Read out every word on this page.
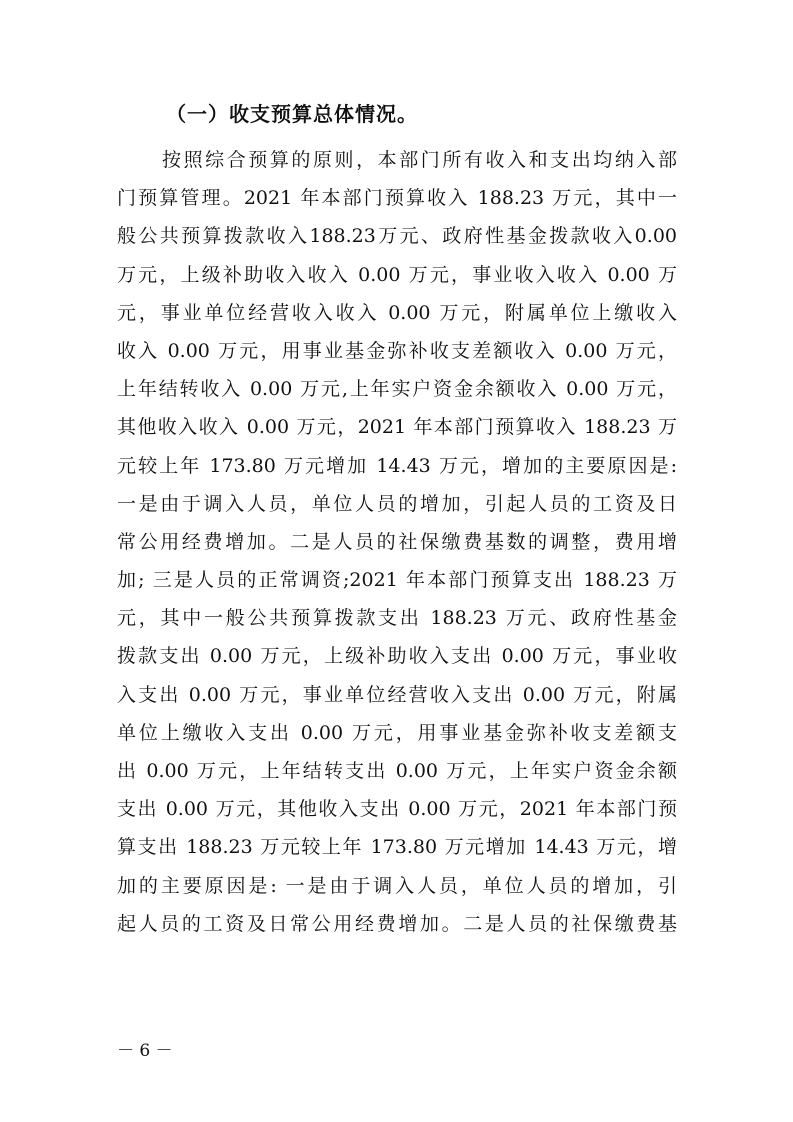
（一）收支预算总体情况。
按照综合预算的原则，本部门所有收入和支出均纳入部
门预算管理。2021 年本部门预算收入 188.23 万元，其中一
般公共预算拨款收入188.23万元、政府性基金拨款收入0.00
万元，上级补助收入收入 0.00 万元，事业收入收入 0.00 万
元，事业单位经营收入收入 0.00 万元，附属单位上缴收入
收入 0.00 万元，用事业基金弥补收支差额收入 0.00 万元，
上年结转收入 0.00 万元,上年实户资金余额收入 0.00 万元，
其他收入收入 0.00 万元，2021 年本部门预算收入 188.23 万
元较上年 173.80 万元增加 14.43 万元，增加的主要原因是:
一是由于调入人员，单位人员的增加，引起人员的工资及日
常公用经费增加。二是人员的社保缴费基数的调整，费用增
加; 三是人员的正常调资;2021 年本部门预算支出 188.23 万
元，其中一般公共预算拨款支出 188.23 万元、政府性基金
拨款支出 0.00 万元，上级补助收入支出 0.00 万元，事业收
入支出 0.00 万元，事业单位经营收入支出 0.00 万元，附属
单位上缴收入支出 0.00 万元，用事业基金弥补收支差额支
出 0.00 万元，上年结转支出 0.00 万元，上年实户资金余额
支出 0.00 万元，其他收入支出 0.00 万元，2021 年本部门预
算支出 188.23 万元较上年 173.80 万元增加 14.43 万元，增
加的主要原因是: 一是由于调入人员，单位人员的增加，引
起人员的工资及日常公用经费增加。二是人员的社保缴费基
－ 6 －
